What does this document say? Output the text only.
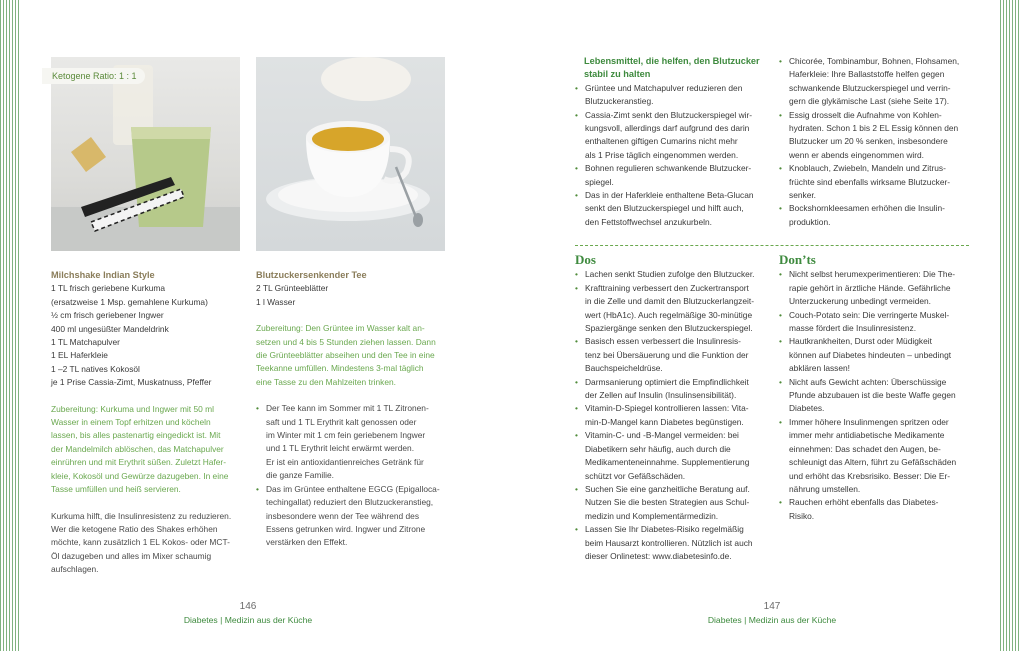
Ketogene Ratio: 1 : 1

Milchshake Indian Style

1 TL frisch geriebene Kurkuma

(ersatzweise 1 Msp. gemahlene Kurkuma)

½ cm frisch geriebener Ingwer

400 ml ungesüßter Mandeldrink

1 TL Matchapulver

1 EL Haferkleie

1 –2 TL natives Kokosöl

je 1 Prise Cassia-Zimt, Muskatnuss, Pfeffer

Zubereitung: Kurkuma und Ingwer mit 50 ml

Wasser in einem Topf erhitzen und köcheln

lassen, bis alles pastenartig eingedickt ist. Mit

der Mandelmilch ablöschen, das Matchapulver

einrühren und mit Erythrit süßen. Zuletzt Hafer-

kleie, Kokosöl und Gewürze dazugeben. In eine

Tasse umfüllen und heiß servieren.

Kurkuma hilft, die Insulinresistenz zu reduzieren.

Wer die ketogene Ratio des Shakes erhöhen

möchte, kann zusätzlich 1 EL Kokos- oder MCT-

Öl dazugeben und alles im Mixer schaumig

aufschlagen.

Blutzuckersenkender Tee

2 TL Grünteeblätter

1 l Wasser

Zubereitung: Den Grüntee im Wasser kalt an-

setzen und 4 bis 5 Stunden ziehen lassen. Dann

die Grünteeblätter abseihen und den Tee in eine

Teekanne umfüllen. Mindestens 3-mal täglich

eine Tasse zu den Mahlzeiten trinken.

• Der Tee kann im Sommer mit 1 TL Zitronen-
saft und 1 TL Erythrit kalt genossen oder
im Winter mit 1 cm fein geriebenem Ingwer
und 1 TL Erythrit leicht erwärmt werden.
Er ist ein antioxidantienreiches Getränk für
die ganze Familie.
• Das im Grüntee enthaltene EGCG (Epigalloca-
techingallat) reduziert den Blutzuckeranstieg,
insbesondere wenn der Tee während des
Essens getrunken wird. Ingwer und Zitrone
verstärken den Effekt.

Lebensmittel, die helfen, den Blutzucker

stabil zu halten

• Grüntee und Matchapulver reduzieren den
Blutzuckeranstieg.
• Cassia-Zimt senkt den Blutzuckerspiegel wir-
kungsvoll, allerdings darf aufgrund des darin
enthaltenen giftigen Cumarins nicht mehr
als 1 Prise täglich eingenommen werden.
• Bohnen regulieren schwankende Blutzucker-
spiegel.
• Das in der Haferkleie enthaltene Beta-Glucan
senkt den Blutzuckerspiegel und hilft auch,
den Fettstoffwechsel anzukurbeln.
• Chicorée, Tombinambur, Bohnen, Flohsamen,
Haferkleie: Ihre Ballaststoffe helfen gegen
schwankende Blutzuckerspiegel und verrin-
gern die glykämische Last (siehe Seite 17).
• Essig drosselt die Aufnahme von Kohlen-
hydraten. Schon 1 bis 2 EL Essig können den
Blutzucker um 20 % senken, insbesondere
wenn er abends eingenommen wird.
• Knoblauch, Zwiebeln, Mandeln und Zitrus-
früchte sind ebenfalls wirksame Blutzucker-
senker.
• Bockshornkleesamen erhöhen die Insulin-
produktion.
Dos
• Lachen senkt Studien zufolge den Blutzucker.
• Krafttraining verbessert den Zuckertransport
in die Zelle und damit den Blutzuckerlangzeit-
wert (HbA1c). Auch regelmäßige 30-minütige
Spaziergänge senken den Blutzuckerspiegel.
• Basisch essen verbessert die Insulinresis-
tenz bei Übersäuerung und die Funktion der
Bauchspeicheldrüse.
• Darmsanierung optimiert die Empfindlichkeit
der Zellen auf Insulin (Insulinsensibilität).
• Vitamin-D-Spiegel kontrollieren lassen: Vita-
min-D-Mangel kann Diabetes begünstigen.
• Vitamin-C- und -B-Mangel vermeiden: bei
Diabetikern sehr häufig, auch durch die
Medikamenteneinnahme. Supplementierung
schützt vor Gefäßschäden.
• Suchen Sie eine ganzheitliche Beratung auf.
Nutzen Sie die besten Strategien aus Schul-
medizin und Komplementärmedizin.
• Lassen Sie Ihr Diabetes-Risiko regelmäßig
beim Hausarzt kontrollieren. Nützlich ist auch
dieser Onlinetest: www.diabetesinfo.de.
Don’ts
• Nicht selbst herumexperimentieren: Die The-
rapie gehört in ärztliche Hände. Gefährliche
Unterzuckerung unbedingt vermeiden.
• Couch-Potato sein: Die verringerte Muskel-
masse fördert die Insulinresistenz.
• Hautkrankheiten, Durst oder Müdigkeit
können auf Diabetes hindeuten – unbedingt
abklären lassen!
• Nicht aufs Gewicht achten: Überschüssige
Pfunde abzubauen ist die beste Waffe gegen
Diabetes.
• Immer höhere Insulinmengen spritzen oder
immer mehr antidiabetische Medikamente
einnehmen: Das schadet den Augen, be-
schleunigt das Altern, führt zu Gefäßschäden
und erhöht das Krebsrisiko. Besser: Die Er-
nährung umstellen.
• Rauchen erhöht ebenfalls das Diabetes-
Risiko.
146
Diabetes | Medizin aus der Küche
147
Diabetes | Medizin aus der Küche
